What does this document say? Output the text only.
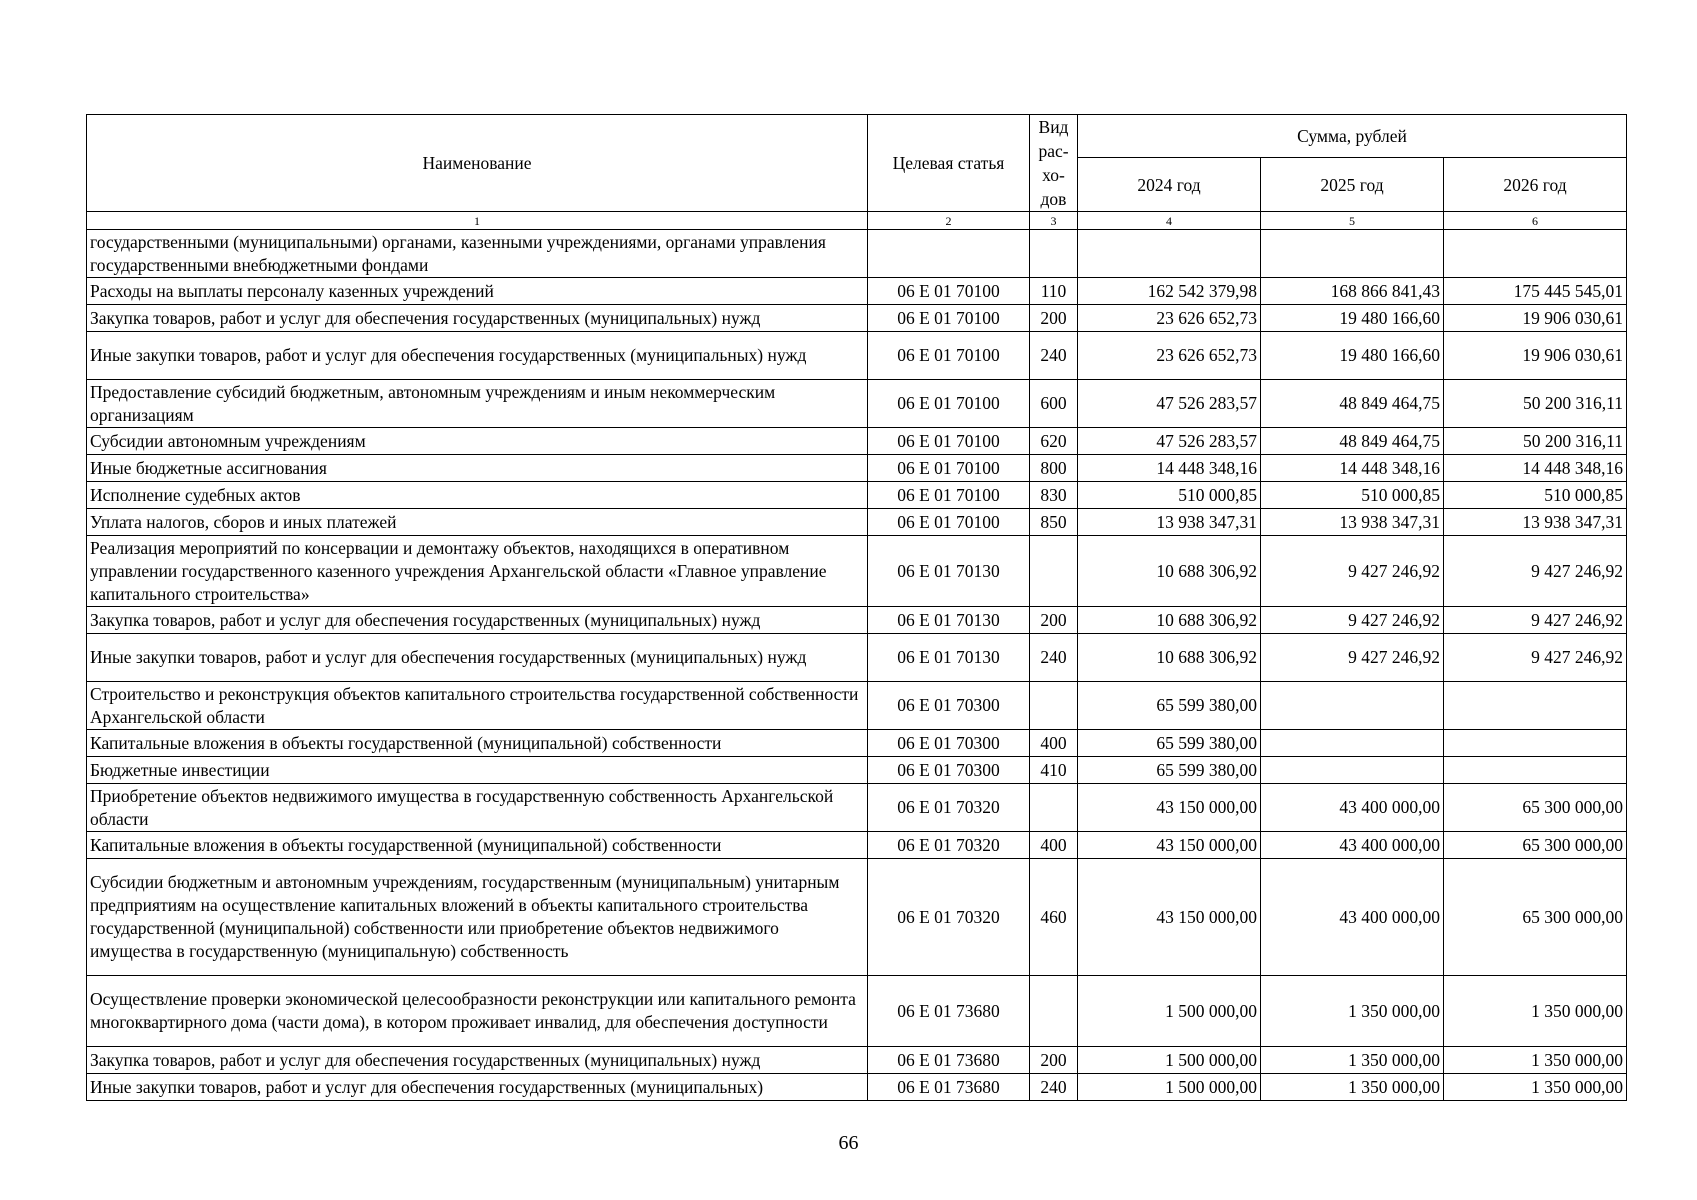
Наименование	Целевая статья	Вид рас-хо-дов	Сумма, рублей		
			2024 год	2025 год	2026 год
1	2	3	4	5	6
государственными (муниципальными) органами, казенными учреждениями, органами управления государственными внебюджетными фондами					
Расходы на выплаты персоналу казенных учреждений	06 Е 01 70100	110	162 542 379,98	168 866 841,43	175 445 545,01
Закупка товаров, работ и услуг для обеспечения государственных (муниципальных) нужд	06 Е 01 70100	200	23 626 652,73	19 480 166,60	19 906 030,61
Иные закупки товаров, работ и услуг для обеспечения государственных (муниципальных) нужд	06 Е 01 70100	240	23 626 652,73	19 480 166,60	19 906 030,61
Предоставление субсидий бюджетным, автономным учреждениям и иным некоммерческим организациям	06 Е 01 70100	600	47 526 283,57	48 849 464,75	50 200 316,11
Субсидии автономным учреждениям	06 Е 01 70100	620	47 526 283,57	48 849 464,75	50 200 316,11
Иные бюджетные ассигнования	06 Е 01 70100	800	14 448 348,16	14 448 348,16	14 448 348,16
Исполнение судебных актов	06 Е 01 70100	830	510 000,85	510 000,85	510 000,85
Уплата налогов, сборов и иных платежей	06 Е 01 70100	850	13 938 347,31	13 938 347,31	13 938 347,31
Реализация мероприятий по консервации и демонтажу объектов, находящихся в оперативном управлении государственного казенного учреждения Архангельской области «Главное управление капитального строительства»	06 Е 01 70130		10 688 306,92	9 427 246,92	9 427 246,92
Закупка товаров, работ и услуг для обеспечения государственных (муниципальных) нужд	06 Е 01 70130	200	10 688 306,92	9 427 246,92	9 427 246,92
Иные закупки товаров, работ и услуг для обеспечения государственных (муниципальных) нужд	06 Е 01 70130	240	10 688 306,92	9 427 246,92	9 427 246,92
Строительство и реконструкция объектов капитального строительства государственной собственности Архангельской области	06 Е 01 70300		65 599 380,00		
Капитальные вложения в объекты государственной (муниципальной) собственности	06 Е 01 70300	400	65 599 380,00		
Бюджетные инвестиции	06 Е 01 70300	410	65 599 380,00		
Приобретение объектов недвижимого имущества в государственную собственность Архангельской области	06 Е 01 70320		43 150 000,00	43 400 000,00	65 300 000,00
Капитальные вложения в объекты государственной (муниципальной) собственности	06 Е 01 70320	400	43 150 000,00	43 400 000,00	65 300 000,00
Субсидии бюджетным и автономным учреждениям, государственным (муниципальным) унитарным предприятиям на осуществление капитальных вложений в объекты капитального строительства государственной (муниципальной) собственности или приобретение объектов недвижимого имущества в государственную (муниципальную) собственность	06 Е 01 70320	460	43 150 000,00	43 400 000,00	65 300 000,00
Осуществление проверки экономической целесообразности реконструкции или капитального ремонта многоквартирного дома (части дома), в котором проживает инвалид, для обеспечения доступности	06 Е 01 73680		1 500 000,00	1 350 000,00	1 350 000,00
Закупка товаров, работ и услуг для обеспечения государственных (муниципальных) нужд	06 Е 01 73680	200	1 500 000,00	1 350 000,00	1 350 000,00
Иные закупки товаров, работ и услуг для обеспечения государственных (муниципальных)	06 Е 01 73680	240	1 500 000,00	1 350 000,00	1 350 000,00
66
